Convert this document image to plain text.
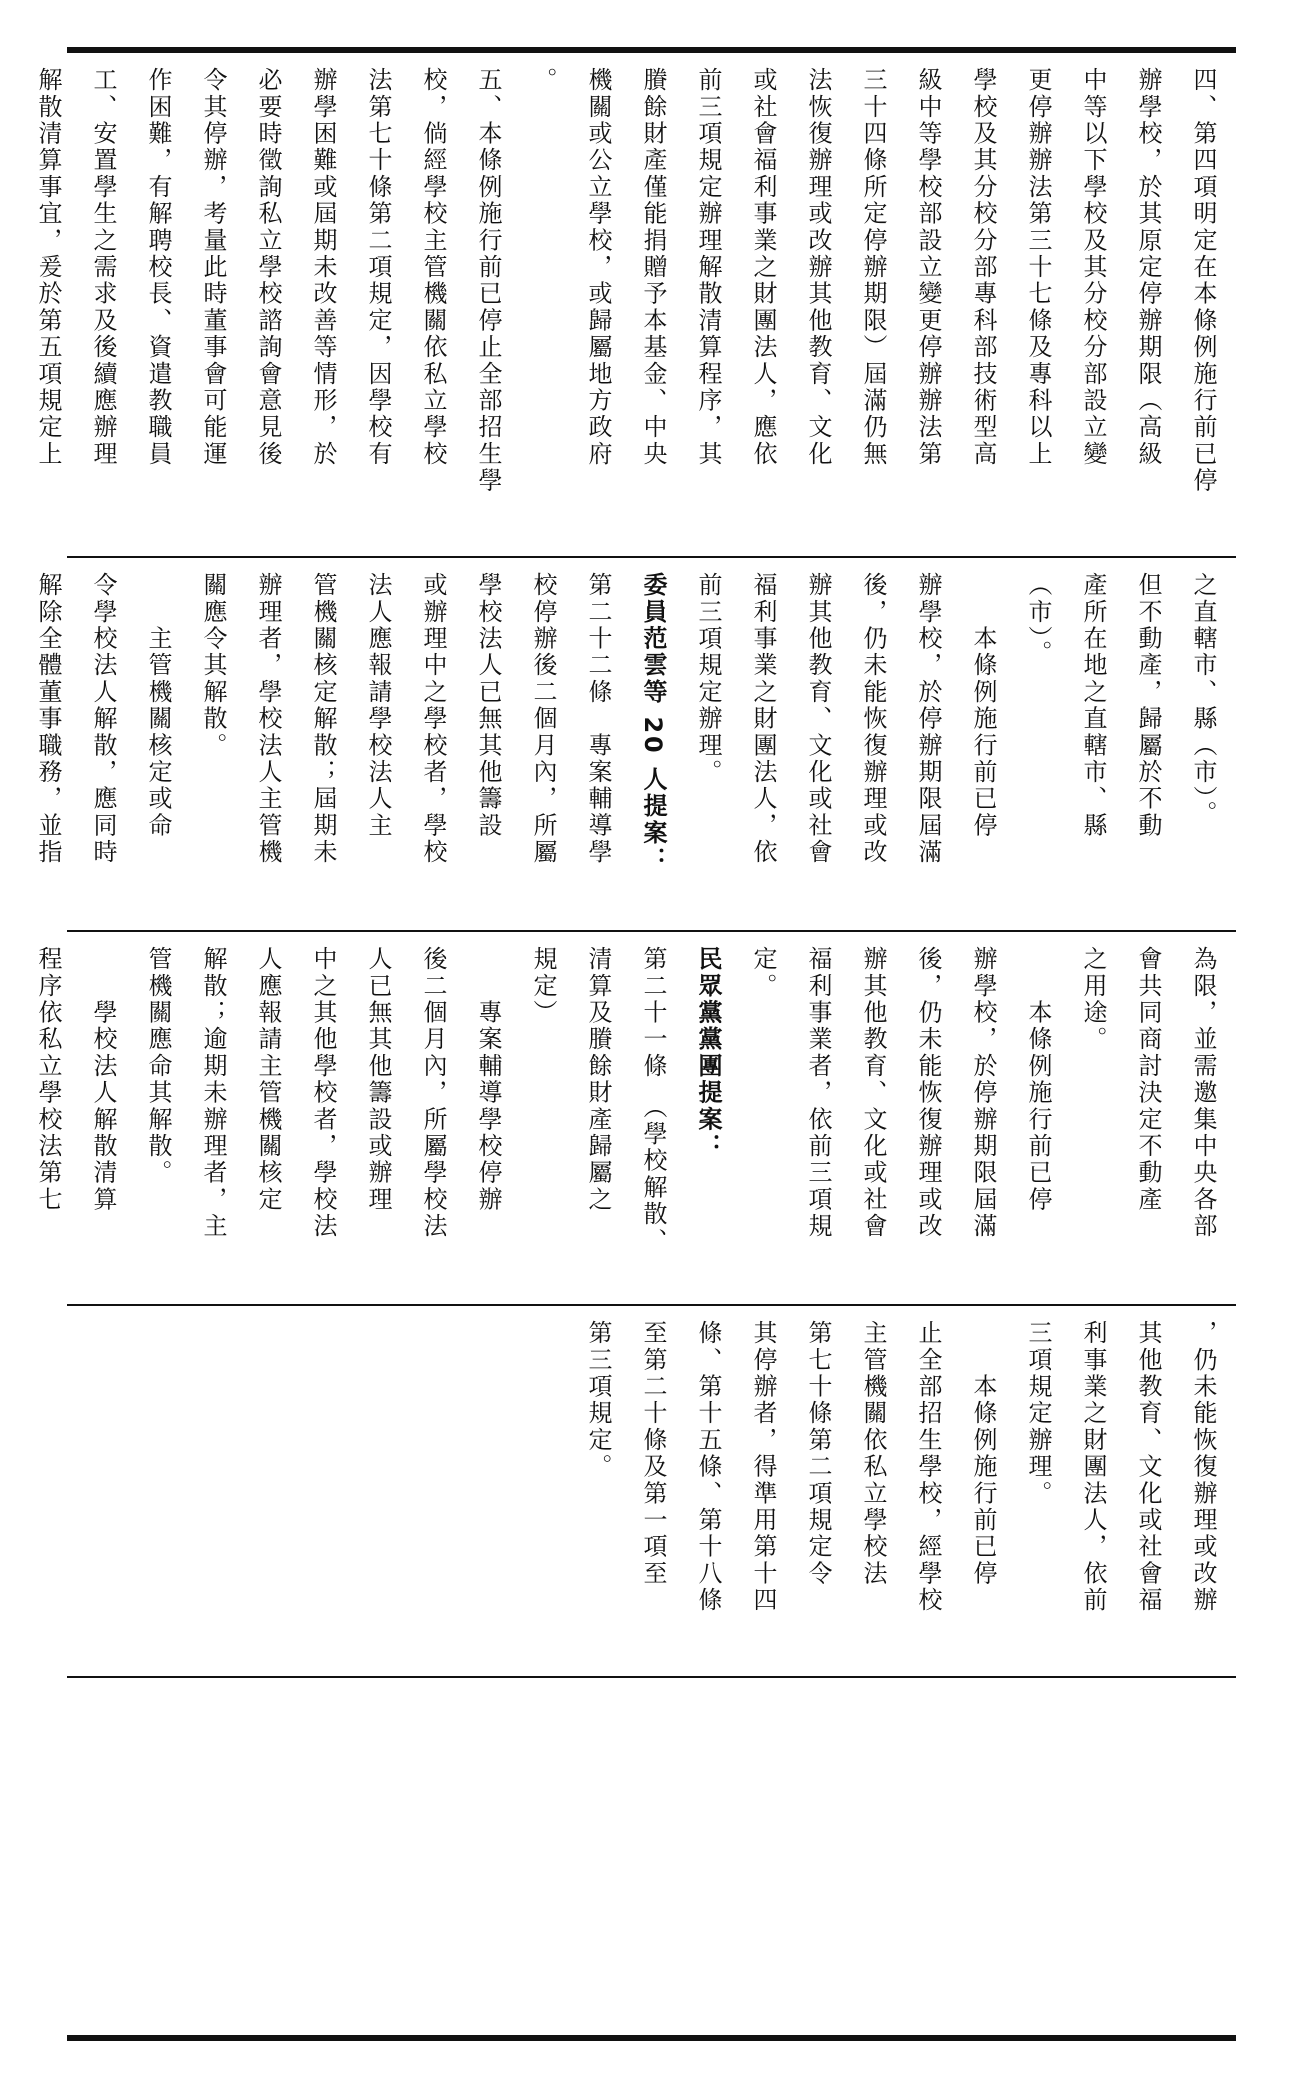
四、第四項明定在本條例施行前已停

辦學校，於其原定停辦期限（高級

中等以下學校及其分校分部設立變

更停辦辦法第三十七條及專科以上

學校及其分校分部專科部技術型高

級中等學校部設立變更停辦辦法第

三十四條所定停辦期限）屆滿仍無

法恢復辦理或改辦其他教育、文化

或社會福利事業之財團法人，應依

前三項規定辦理解散清算程序，其

賸餘財產僅能捐贈予本基金、中央

機關或公立學校，或歸屬地方政府

。

五、本條例施行前已停止全部招生學

校，倘經學校主管機關依私立學校

法第七十條第二項規定，因學校有

辦學困難或屆期未改善等情形，於

必要時徵詢私立學校諮詢會意見後

令其停辦，考量此時董事會可能運

作困難，有解聘校長、資遣教職員

工、安置學生之需求及後續應辦理

解散清算事宜，爰於第五項規定上

之直轄市、縣（市）。

但不動產，歸屬於不動

產所在地之直轄市、縣

（市）。

　　本條例施行前已停

辦學校，於停辦期限屆滿

後，仍未能恢復辦理或改

辦其他教育、文化或社會

福利事業之財團法人，依

前三項規定辦理。

委員范雲等 20 人提案：

第二十二條　專案輔導學

校停辦後二個月內，所屬

學校法人已無其他籌設

或辦理中之學校者，學校

法人應報請學校法人主

管機關核定解散；屆期未

辦理者，學校法人主管機

關應令其解散。

　　主管機關核定或命

令學校法人解散，應同時

解除全體董事職務，並指

為限，並需邀集中央各部

會共同商討決定不動產

之用途。

　　本條例施行前已停

辦學校，於停辦期限屆滿

後，仍未能恢復辦理或改

辦其他教育、文化或社會

福利事業者，依前三項規

定。

民眾黨黨團提案：

第二十一條　（學校解散、

清算及賸餘財產歸屬之

規定）

　　專案輔導學校停辦

後二個月內，所屬學校法

人已無其他籌設或辦理

中之其他學校者，學校法

人應報請主管機關核定

解散；逾期未辦理者，主

管機關應命其解散。

　　學校法人解散清算

程序依私立學校法第七

，仍未能恢復辦理或改辦

其他教育、文化或社會福

利事業之財團法人，依前

三項規定辦理。

　　本條例施行前已停

止全部招生學校，經學校

主管機關依私立學校法

第七十條第二項規定令

其停辦者，得準用第十四

條、第十五條、第十八條

至第二十條及第一項至

第三項規定。
